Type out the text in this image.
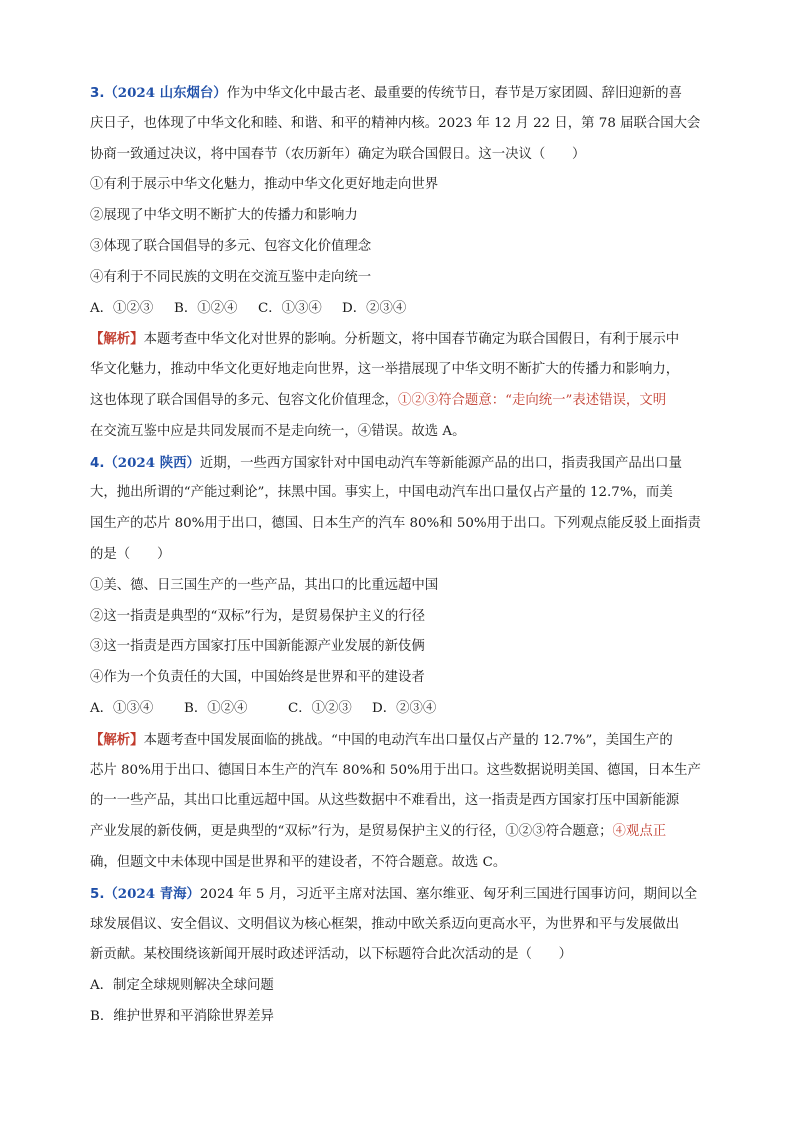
3.（2024 山东烟台）作为中华文化中最古老、最重要的传统节日，春节是万家团圆、辞旧迎新的喜
庆日子，也体现了中华文化和睦、和谐、和平的精神内核。2023 年 12 月 22 日，第 78 届联合国大会
协商一致通过决议，将中国春节（农历新年）确定为联合国假日。这一决议（　　）
①有利于展示中华文化魅力，推动中华文化更好地走向世界
②展现了中华文明不断扩大的传播力和影响力
③体现了联合国倡导的多元、包容文化价值理念
④有利于不同民族的文明在交流互鉴中走向统一
A．①②③ B．①②④ C．①③④ D．②③④
【解析】本题考查中华文化对世界的影响。分析题文，将中国春节确定为联合国假日，有利于展示中
华文化魅力，推动中华文化更好地走向世界，这一举措展现了中华文明不断扩大的传播力和影响力，
这也体现了联合国倡导的多元、包容文化价值理念，①②③符合题意：“走向统一”表述错误，文明
在交流互鉴中应是共同发展而不是走向统一，④错误。故选 A。
4.（2024 陕西）近期，一些西方国家针对中国电动汽车等新能源产品的出口，指责我国产品出口量
大，抛出所谓的“产能过剩论”，抹黑中国。事实上，中国电动汽车出口量仅占产量的 12.7%，而美
国生产的芯片 80%用于出口，德国、日本生产的汽车 80%和 50%用于出口。下列观点能反驳上面指责
的是（　　）
①美、德、日三国生产的一些产品，其出口的比重远超中国
②这一指责是典型的“双标”行为，是贸易保护主义的行径
③这一指责是西方国家打压中国新能源产业发展的新伎俩
④作为一个负责任的大国，中国始终是世界和平的建设者
A．①③④ B．①②④	C．①②③ D．②③④
【解析】本题考查中国发展面临的挑战。“中国的电动汽车出口量仅占产量的 12.7%”，美国生产的
芯片 80%用于出口、德国日本生产的汽车 80%和 50%用于出口。这些数据说明美国、德国，日本生产
的一一些产品，其出口比重远超中国。从这些数据中不难看出，这一指责是西方国家打压中国新能源
产业发展的新伎俩，更是典型的“双标”行为，是贸易保护主义的行径，①②③符合题意；④观点正
确，但题文中未体现中国是世界和平的建设者，不符合题意。故选 C。
5.（2024 青海）2024 年 5 月，习近平主席对法国、塞尔维亚、匈牙利三国进行国事访问，期间以全
球发展倡议、安全倡议、文明倡议为核心框架，推动中欧关系迈向更高水平，为世界和平与发展做出
新贡献。某校围绕该新闻开展时政述评活动，以下标题符合此次活动的是（　　）
A．制定全球规则解决全球问题
B．维护世界和平消除世界差异
